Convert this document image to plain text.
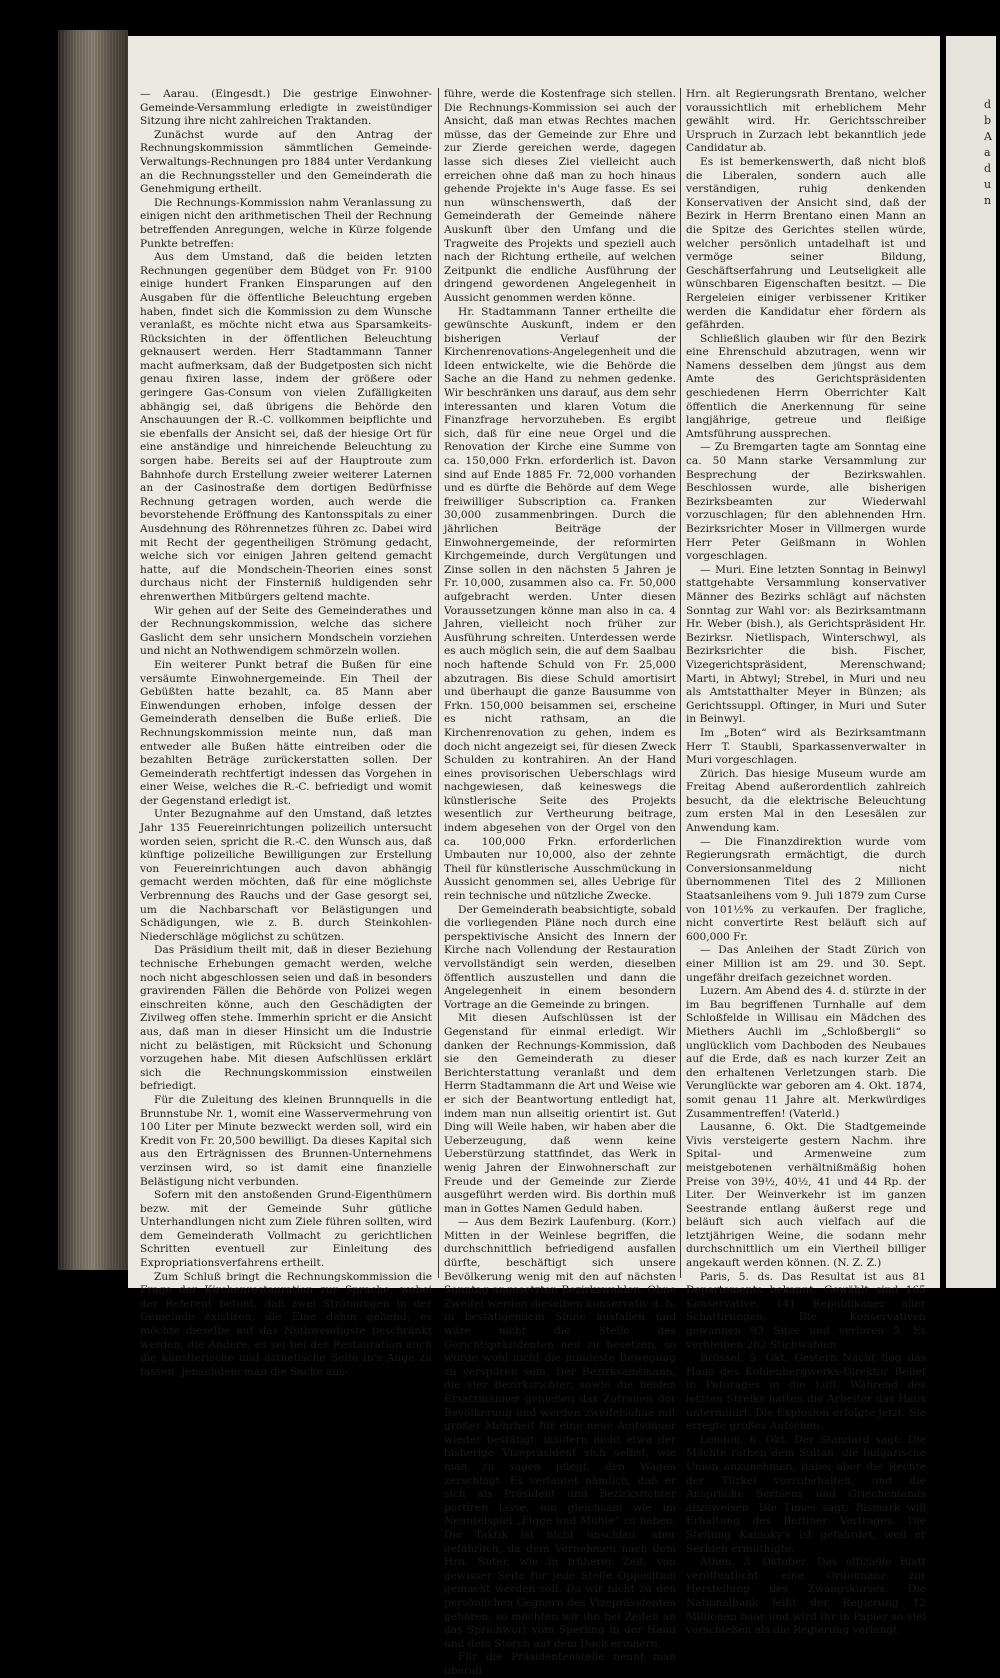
— Aarau. (Eingesdt.) Die gestrige Einwohner-Gemeinde-Versammlung erledigte in zweistündiger Sitzung ihre nicht zahlreichen Traktanden.

Zunächst wurde auf den Antrag der Rechnungskommission sämmtlichen Gemeinde-Verwaltungs-Rechnungen pro 1884 unter Verdankung an die Rechnungssteller und den Gemeinderath die Genehmigung ertheilt.

Die Rechnungs-Kommission nahm Veranlassung zu einigen nicht den arithmetischen Theil der Rechnung betreffenden Anregungen, welche in Kürze folgende Punkte betreffen:

Aus dem Umstand, daß die beiden letzten Rechnungen gegenüber dem Büdget von Fr. 9100 einige hundert Franken Einsparungen auf den Ausgaben für die öffentliche Beleuchtung ergeben haben, findet sich die Kommission zu dem Wunsche veranlaßt, es möchte nicht etwa aus Sparsamkeits-Rücksichten in der öffentlichen Beleuchtung geknausert werden. Herr Stadtammann Tanner macht aufmerksam, daß der Budgetposten sich nicht genau fixiren lasse, indem der größere oder geringere Gas-Consum von vielen Zufälligkeiten abhängig sei, daß übrigens die Behörde den Anschauungen der R.-C. vollkommen beipflichte und sie ebenfalls der Ansicht sei, daß der hiesige Ort für eine anständige und hinreichende Beleuchtung zu sorgen habe. Bereits sei auf der Hauptroute zum Bahnhofe durch Erstellung zweier weiterer Laternen an der Casinostraße dem dortigen Bedürfnisse Rechnung getragen worden, auch werde die bevorstehende Eröffnung des Kantonsspitals zu einer Ausdehnung des Röhrennetzes führen zc. Dabei wird mit Recht der gegentheiligen Strömung gedacht, welche sich vor einigen Jahren geltend gemacht hatte, auf die Mondschein-Theorien eines sonst durchaus nicht der Finsterniß huldigenden sehr ehrenwerthen Mitbürgers geltend machte.

Wir gehen auf der Seite des Gemeinderathes und der Rechnungskommission, welche das sichere Gaslicht dem sehr unsichern Mondschein vorziehen und nicht an Nothwendigem schmörzeln wollen.

Ein weiterer Punkt betraf die Bußen für eine versäumte Einwohnergemeinde. Ein Theil der Gebüßten hatte bezahlt, ca. 85 Mann aber Einwendungen erhoben, infolge dessen der Gemeinderath denselben die Buße erließ. Die Rechnungskommission meinte nun, daß man entweder alle Bußen hätte eintreiben oder die bezahlten Beträge zurückerstatten sollen. Der Gemeinderath rechtfertigt indessen das Vorgehen in einer Weise, welches die R.-C. befriedigt und womit der Gegenstand erledigt ist.

Unter Bezugnahme auf den Umstand, daß letztes Jahr 135 Feuereinrichtungen polizeilich untersucht worden seien, spricht die R.-C. den Wunsch aus, daß künftige polizeiliche Bewilligungen zur Erstellung von Feuereinrichtungen auch davon abhängig gemacht werden möchten, daß für eine möglichste Verbrennung des Rauchs und der Gase gesorgt sei, um die Nachbarschaft vor Belästigungen und Schädigungen, wie z. B. durch Steinkohlen-Niederschläge möglichst zu schützen.

Das Präsidium theilt mit, daß in dieser Beziehung technische Erhebungen gemacht werden, welche noch nicht abgeschlossen seien und daß in besonders gravirenden Fällen die Behörde von Polizei wegen einschreiten könne, auch den Geschädigten der Zivilweg offen stehe. Immerhin spricht er die Ansicht aus, daß man in dieser Hinsicht um die Industrie nicht zu belästigen, mit Rücksicht und Schonung vorzugehen habe. Mit diesen Aufschlüssen erklärt sich die Rechnungskommission einstweilen befriedigt.

Für die Zuleitung des kleinen Brunnquells in die Brunnstube Nr. 1, womit eine Wasservermehrung von 100 Liter per Minute bezweckt werden soll, wird ein Kredit von Fr. 20,500 bewilligt. Da dieses Kapital sich aus den Erträgnissen des Brunnen-Unternehmens verzinsen wird, so ist damit eine finanzielle Belästigung nicht verbunden.

Sofern mit den anstoßenden Grund-Eigenthümern bezw. mit der Gemeinde Suhr gütliche Unterhandlungen nicht zum Ziele führen sollten, wird dem Gemeinderath Vollmacht zu gerichtlichen Schritten eventuell zur Einleitung des Expropriationsverfahrens ertheilt.

Zum Schluß bringt die Rechnungskommission die Frage der Kirchenrestauration zur Sprache, wobei der Referent betont, daß zwei Strömungen in der Gemeinde existiren, die Eine dahin gehend, es möchte dieselbe auf das Nothwendigste beschränkt werden, die Andere, es sei bei der Restauration auch die künstlerische und ästhetische Seite in's Auge zu fassen. Jenachdem man die Sache aus-

führe, werde die Kostenfrage sich stellen. Die Rechnungs-Kommission sei auch der Ansicht, daß man etwas Rechtes machen müsse, das der Gemeinde zur Ehre und zur Zierde gereichen werde, dagegen lasse sich dieses Ziel vielleicht auch erreichen ohne daß man zu hoch hinaus gehende Projekte in's Auge fasse. Es sei nun wünschenswerth, daß der Gemeinderath der Gemeinde nähere Auskunft über den Umfang und die Tragweite des Projekts und speziell auch nach der Richtung ertheile, auf welchen Zeitpunkt die endliche Ausführung der dringend gewordenen Angelegenheit in Aussicht genommen werden könne.

Hr. Stadtammann Tanner ertheilte die gewünschte Auskunft, indem er den bisherigen Verlauf der Kirchenrenovations-Angelegenheit und die Ideen entwickelte, wie die Behörde die Sache an die Hand zu nehmen gedenke. Wir beschränken uns darauf, aus dem sehr interessanten und klaren Votum die Finanzfrage hervorzuheben. Es ergibt sich, daß für eine neue Orgel und die Renovation der Kirche eine Summe von ca. 150,000 Frkn. erforderlich ist. Davon sind auf Ende 1885 Fr. 72,000 vorhanden und es dürfte die Behörde auf dem Wege freiwilliger Subscription ca. Franken 30,000 zusammenbringen. Durch die jährlichen Beiträge der Einwohnergemeinde, der reformirten Kirchgemeinde, durch Vergütungen und Zinse sollen in den nächsten 5 Jahren je Fr. 10,000, zusammen also ca. Fr. 50,000 aufgebracht werden. Unter diesen Voraussetzungen könne man also in ca. 4 Jahren, vielleicht noch früher zur Ausführung schreiten. Unterdessen werde es auch möglich sein, die auf dem Saalbau noch haftende Schuld von Fr. 25,000 abzutragen. Bis diese Schuld amortisirt und überhaupt die ganze Bausumme von Frkn. 150,000 beisammen sei, erscheine es nicht rathsam, an die Kirchenrenovation zu gehen, indem es doch nicht angezeigt sei, für diesen Zweck Schulden zu kontrahiren. An der Hand eines provisorischen Ueberschlags wird nachgewiesen, daß keineswegs die künstlerische Seite des Projekts wesentlich zur Vertheurung beitrage, indem abgesehen von der Orgel von den ca. 100,000 Frkn. erforderlichen Umbauten nur 10,000, also der zehnte Theil für künstlerische Ausschmückung in Aussicht genommen sei, alles Uebrige für rein technische und nützliche Zwecke.

Der Gemeinderath beabsichtigte, sobald die vorliegenden Pläne noch durch eine perspektivische Ansicht des Innern der Kirche nach Vollendung der Restauration vervollständigt sein werden, dieselben öffentlich auszustellen und dann die Angelegenheit in einem besondern Vortrage an die Gemeinde zu bringen.

Mit diesen Aufschlüssen ist der Gegenstand für einmal erledigt. Wir danken der Rechnungs-Kommission, daß sie den Gemeinderath zu dieser Berichterstattung veranlaßt und dem Herrn Stadtammann die Art und Weise wie er sich der Beantwortung entledigt hat, indem man nun allseitig orientirt ist. Gut Ding will Weile haben, wir haben aber die Ueberzeugung, daß wenn keine Ueberstürzung stattfindet, das Werk in wenig Jahren der Einwohnerschaft zur Freude und der Gemeinde zur Zierde ausgeführt werden wird. Bis dorthin muß man in Gottes Namen Geduld haben.

— Aus dem Bezirk Laufenburg. (Korr.) Mitten in der Weinlese begriffen, die durchschnittlich befriedigend ausfallen dürfte, beschäftigt sich unsere Bevölkerung wenig mit den auf nächsten Sonntag angesetzten Bezirkswahlen. Ohne Zweifel werden dieselben konservativ d. h. in bestätigendem Sinne ausfallen und wäre nicht die Stelle des Gerichtspräsidenten neu zu besetzen, so würde wohl nicht die mindeste Bewegung zu verspüren sein. Der Bezirksamtmann, die vier Bezirksrichter, sowie die beiden Ersatzmänner genießen das Zutrauen der Bevölkerung und werden zweifelsohne mit großer Mehrheit für eine neue Amtsdauer wieder bestätigt, insofern nicht etwa der bisherige Vizepräsident sich selbst, wie man zu sagen pflegt, den Wagen zerschlägt. Es verlautet nämlich, daß er sich als Präsident und Bezirksrichter portiren lasse, um gleichsam wie im Neuntelspiel „Figge und Mühle“ zu haben. Die Taktik ist nicht unschlau, aber gefährlich, da dem Vernehmen nach dem Hrn. Suter, wie in früherer Zeit, von gewisser Seite für jede Stelle Opposition gemacht werden soll. Da wir nicht zu den persönlichen Gegnern des Vizepräsidenten gehören, so möchten wir ihn bei Zeiten an das Sprichwort vom Sperling in der Hand und dem Storch auf dem Dach erinnern.

Für die Präsidentenstelle nennt man überall

Hrn. alt Regierungsrath Brentano, welcher voraussichtlich mit erheblichem Mehr gewählt wird. Hr. Gerichtsschreiber Urspruch in Zurzach lebt bekanntlich jede Candidatur ab.

Es ist bemerkenswerth, daß nicht bloß die Liberalen, sondern auch alle verständigen, ruhig denkenden Konservativen der Ansicht sind, daß der Bezirk in Herrn Brentano einen Mann an die Spitze des Gerichtes stellen würde, welcher persönlich untadelhaft ist und vermöge seiner Bildung, Geschäftserfahrung und Leutseligkeit alle wünschbaren Eigenschaften besitzt. — Die Rergeleien einiger verbissener Kritiker werden die Kandidatur eher fördern als gefährden.

Schließlich glauben wir für den Bezirk eine Ehrenschuld abzutragen, wenn wir Namens desselben dem jüngst aus dem Amte des Gerichtspräsidenten geschiedenen Herrn Oberrichter Kalt öffentlich die Anerkennung für seine langjährige, getreue und fleißige Amtsführung aussprechen.

— Zu Bremgarten tagte am Sonntag eine ca. 50 Mann starke Versammlung zur Besprechung der Bezirkswahlen. Beschlossen wurde, alle bisherigen Bezirksbeamten zur Wiederwahl vorzuschlagen; für den ablehnenden Hrn. Bezirksrichter Moser in Villmergen wurde Herr Peter Geißmann in Wohlen vorgeschlagen.

— Muri. Eine letzten Sonntag in Beinwyl stattgehabte Versammlung konservativer Männer des Bezirks schlägt auf nächsten Sonntag zur Wahl vor: als Bezirksamtmann Hr. Weber (bish.), als Gerichtspräsident Hr. Bezirksr. Nietlispach, Winterschwyl, als Bezirksrichter die bish. Fischer, Vizegerichtspräsident, Merenschwand; Marti, in Abtwyl; Strebel, in Muri und neu als Amtstatthalter Meyer in Bünzen; als Gerichtssuppl. Oftinger, in Muri und Suter in Beinwyl.

Im „Boten“ wird als Bezirksamtmann Herr T. Staubli, Sparkassenverwalter in Muri vorgeschlagen.

Zürich. Das hiesige Museum wurde am Freitag Abend außerordentlich zahlreich besucht, da die elektrische Beleuchtung zum ersten Mal in den Lesesälen zur Anwendung kam.

— Die Finanzdirektion wurde vom Regierungsrath ermächtigt, die durch Conversionsanmeldung nicht übernommenen Titel des 2 Millionen Staatsanleihens vom 9. Juli 1879 zum Curse von 101½% zu verkaufen. Der fragliche, nicht convertirte Rest beläuft sich auf 600,000 Fr.

— Das Anleihen der Stadt Zürich von einer Million ist am 29. und 30. Sept. ungefähr dreifach gezeichnet worden.

Luzern. Am Abend des 4. d. stürzte in der im Bau begriffenen Turnhalle auf dem Schloßfelde in Willisau ein Mädchen des Miethers Auchli im „Schloßbergli“ so unglücklich vom Dachboden des Neubaues auf die Erde, daß es nach kurzer Zeit an den erhaltenen Verletzungen starb. Die Verunglückte war geboren am 4. Okt. 1874, somit genau 11 Jahre alt. Merkwürdiges Zusammentreffen! (Vaterld.)

Lausanne, 6. Okt. Die Stadtgemeinde Vivis versteigerte gestern Nachm. ihre Spital- und Armenweine zum meistgebotenen verhältnißmäßig hohen Preise von 39½, 40½, 41 und 44 Rp. der Liter. Der Weinverkehr ist im ganzen Seestrande entlang äußerst rege und beläuft sich auch vielfach auf die letztjährigen Weine, die sodann mehr durchschnittlich um ein Viertheil billiger angekauft werden können. (N. Z. Z.)

Paris, 5. ds. Das Resultat ist aus 81 Departements bekannt. Gewählt sind 165 Konservative, 141 Republikaner aller Schattirungen. Die Konservativen gewannen 93 Sitze und verloren 5. Es verbleiben 202 Stichwahlen.

Brüssel, 5. Okt. Gestern Nacht flog das Haus des Kohlenbergwerks-Direktor Bellet in Paturages in die Luft. Während des letzten Streiks hatten die Arbeiter das Haus unterminirt. Die Explosion erfolgte jetzt. Sie erregte großes Aufsehen.

London, 6. Okt. Der Standard sagt: Die Mächte rathen dem Sultan, die bulgarische Union anzunehmen, dabei aber die Rechte der Türkei vorzubehalten, und die Ansprüche Serbiens und Griechenlands abzuweisen. Die Times sagt: Bismark will Erhaltung des Berliner Vertrages. Die Stellung Kalnoky's ist gefährdet, weil er Serbien ermuthigte.

Athen, 3. Oktober. Das offizielle Blatt veröffentlicht eine Ordonnanz zur Herstellung des Zwangskurses. Die Nationalbank leiht der Regierung 12 Millionen baar und wird ihr in Papier so viel vorschießen als die Regierung verlangt.

d
b
A
a
d
u
n
